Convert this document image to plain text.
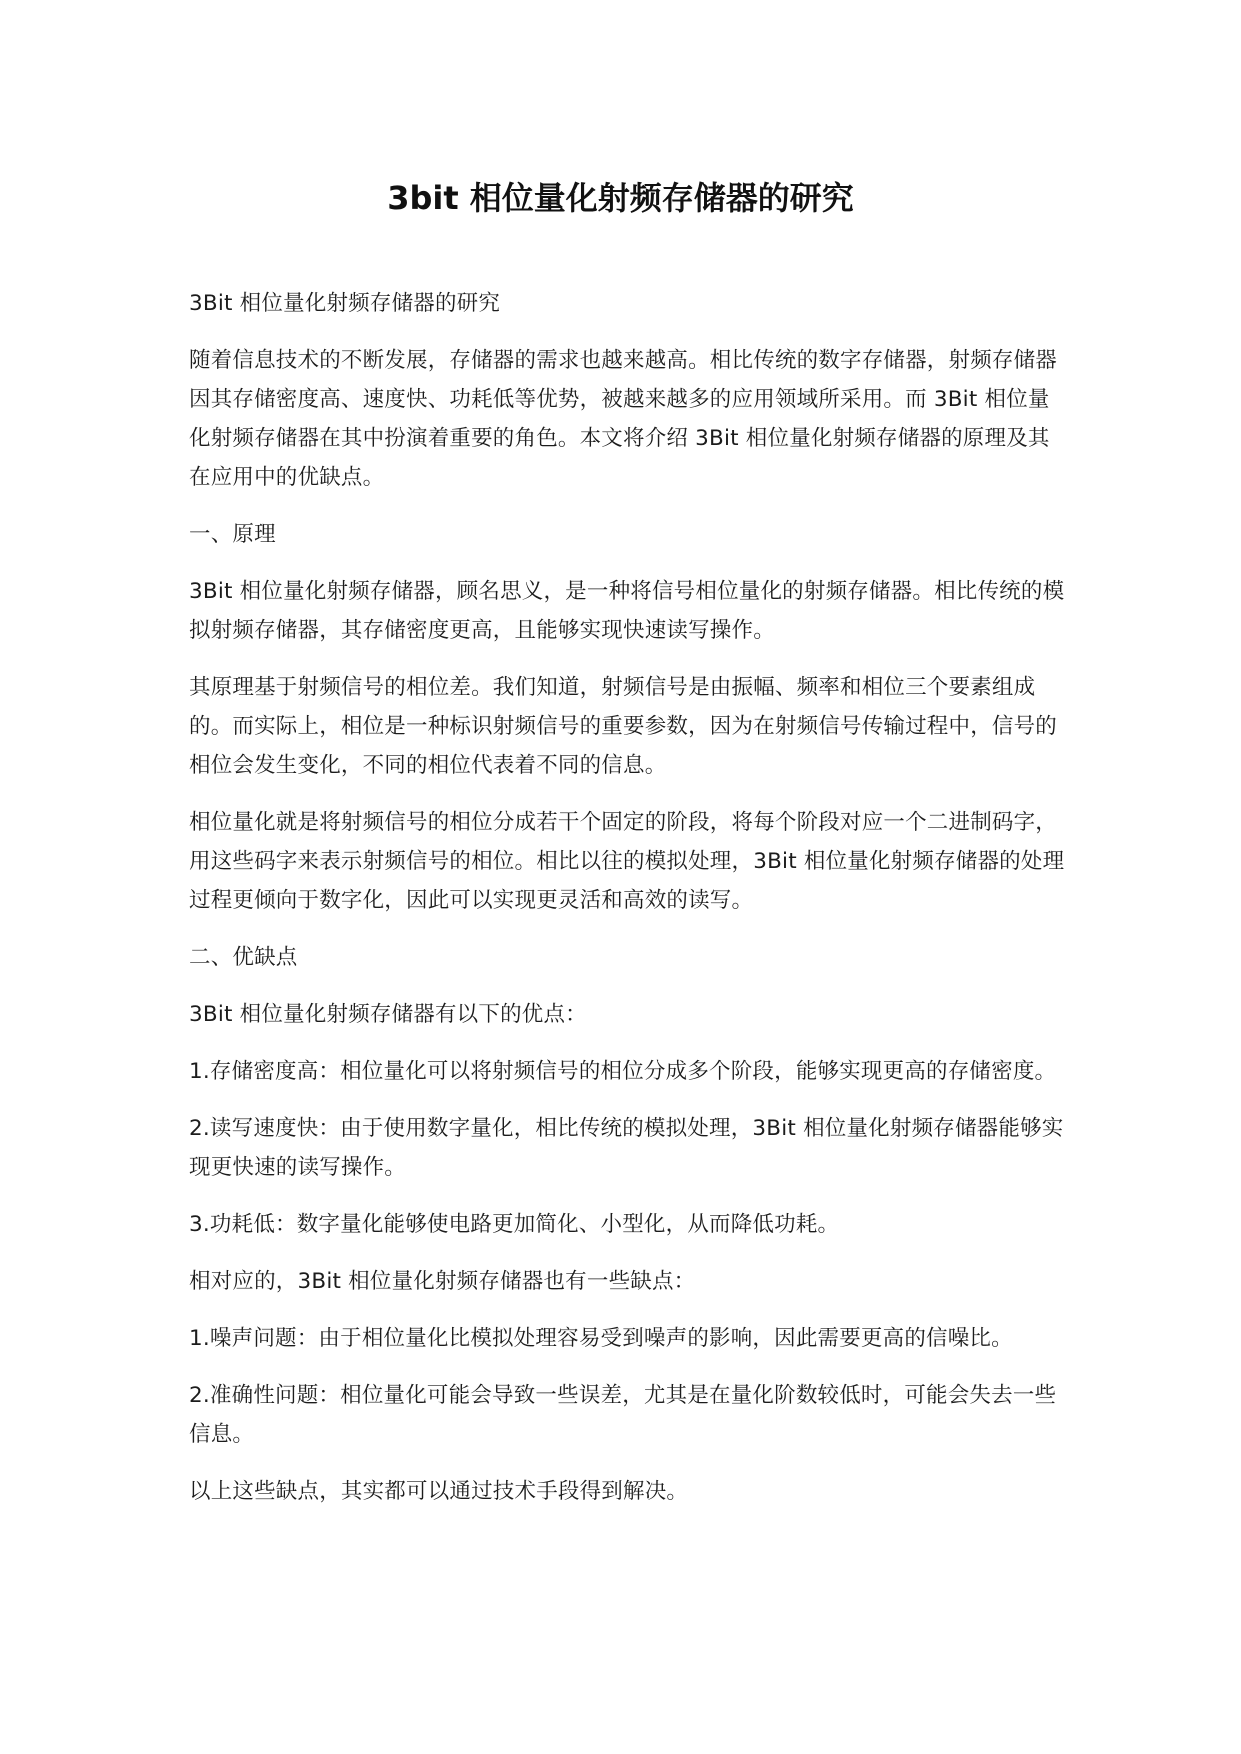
3bit 相位量化射频存储器的研究

3Bit 相位量化射频存储器的研究

随着信息技术的不断发展，存储器的需求也越来越高。相比传统的数字存储器，射频存储器因其存储密度高、速度快、功耗低等优势，被越来越多的应用领域所采用。而 3Bit 相位量化射频存储器在其中扮演着重要的角色。本文将介绍 3Bit 相位量化射频存储器的原理及其在应用中的优缺点。

一、原理

3Bit 相位量化射频存储器，顾名思义，是一种将信号相位量化的射频存储器。相比传统的模拟射频存储器，其存储密度更高，且能够实现快速读写操作。

其原理基于射频信号的相位差。我们知道，射频信号是由振幅、频率和相位三个要素组成的。而实际上，相位是一种标识射频信号的重要参数，因为在射频信号传输过程中，信号的相位会发生变化，不同的相位代表着不同的信息。

相位量化就是将射频信号的相位分成若干个固定的阶段，将每个阶段对应一个二进制码字，用这些码字来表示射频信号的相位。相比以往的模拟处理，3Bit 相位量化射频存储器的处理过程更倾向于数字化，因此可以实现更灵活和高效的读写。

二、优缺点

3Bit 相位量化射频存储器有以下的优点：

1.存储密度高：相位量化可以将射频信号的相位分成多个阶段，能够实现更高的存储密度。

2.读写速度快：由于使用数字量化，相比传统的模拟处理，3Bit 相位量化射频存储器能够实现更快速的读写操作。

3.功耗低：数字量化能够使电路更加简化、小型化，从而降低功耗。

相对应的，3Bit 相位量化射频存储器也有一些缺点：

1.噪声问题：由于相位量化比模拟处理容易受到噪声的影响，因此需要更高的信噪比。

2.准确性问题：相位量化可能会导致一些误差，尤其是在量化阶数较低时，可能会失去一些信息。

以上这些缺点，其实都可以通过技术手段得到解决。
